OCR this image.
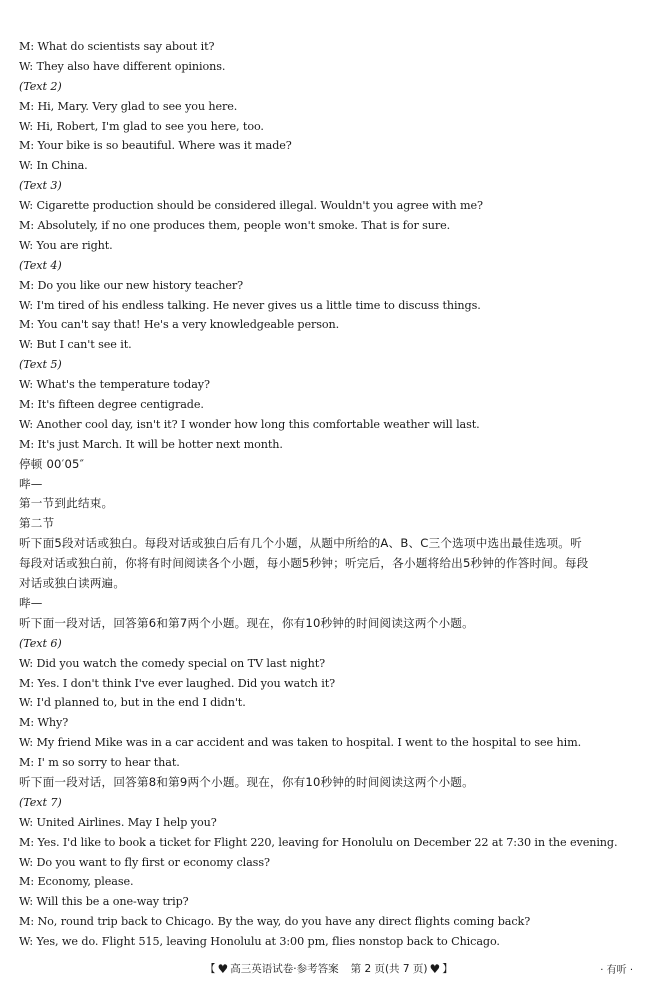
M: What do scientists say about it?
W: They also have different opinions.
(Text 2)
M: Hi, Mary. Very glad to see you here.
W: Hi, Robert, I'm glad to see you here, too.
M: Your bike is so beautiful. Where was it made?
W: In China.
(Text 3)
W: Cigarette production should be considered illegal. Wouldn't you agree with me?
M: Absolutely, if no one produces them, people won't smoke. That is for sure.
W: You are right.
(Text 4)
M: Do you like our new history teacher?
W: I'm tired of his endless talking. He never gives us a little time to discuss things.
M: You can't say that! He's a very knowledgeable person.
W: But I can't see it.
(Text 5)
W: What's the temperature today?
M: It's fifteen degree centigrade.
W: Another cool day, isn't it? I wonder how long this comfortable weather will last.
M: It's just March. It will be hotter next month.
停顿 00′05″
哔—
第一节到此结束。
第二节
听下面5段对话或独白。每段对话或独白后有几个小题，从题中所给的A、B、C三个选项中选出最佳选项。听
每段对话或独白前，你将有时间阅读各个小题，每小题5秒钟；听完后，各小题将给出5秒钟的作答时间。每段
对话或独白读两遍。
哔—
听下面一段对话，回答第6和第7两个小题。现在，你有10秒钟的时间阅读这两个小题。
(Text 6)
W: Did you watch the comedy special on TV last night?
M: Yes. I don't think I've ever laughed. Did you watch it?
W: I'd planned to, but in the end I didn't.
M: Why?
W: My friend Mike was in a car accident and was taken to hospital. I went to the hospital to see him.
M: I' m so sorry to hear that.
听下面一段对话，回答第8和第9两个小题。现在，你有10秒钟的时间阅读这两个小题。
(Text 7)
W: United Airlines. May I help you?
M: Yes. I'd like to book a ticket for Flight 220, leaving for Honolulu on December 22 at 7:30 in the evening.
W: Do you want to fly first or economy class?
M: Economy, please.
W: Will this be a one-way trip?
M: No, round trip back to Chicago. By the way, do you have any direct flights coming back?
W: Yes, we do. Flight 515, leaving Honolulu at 3:00 pm, flies nonstop back to Chicago.
【 ♥ 高三英语试卷·参考答案 第 2 页(共 7 页) ♥ 】	· 有听 ·
